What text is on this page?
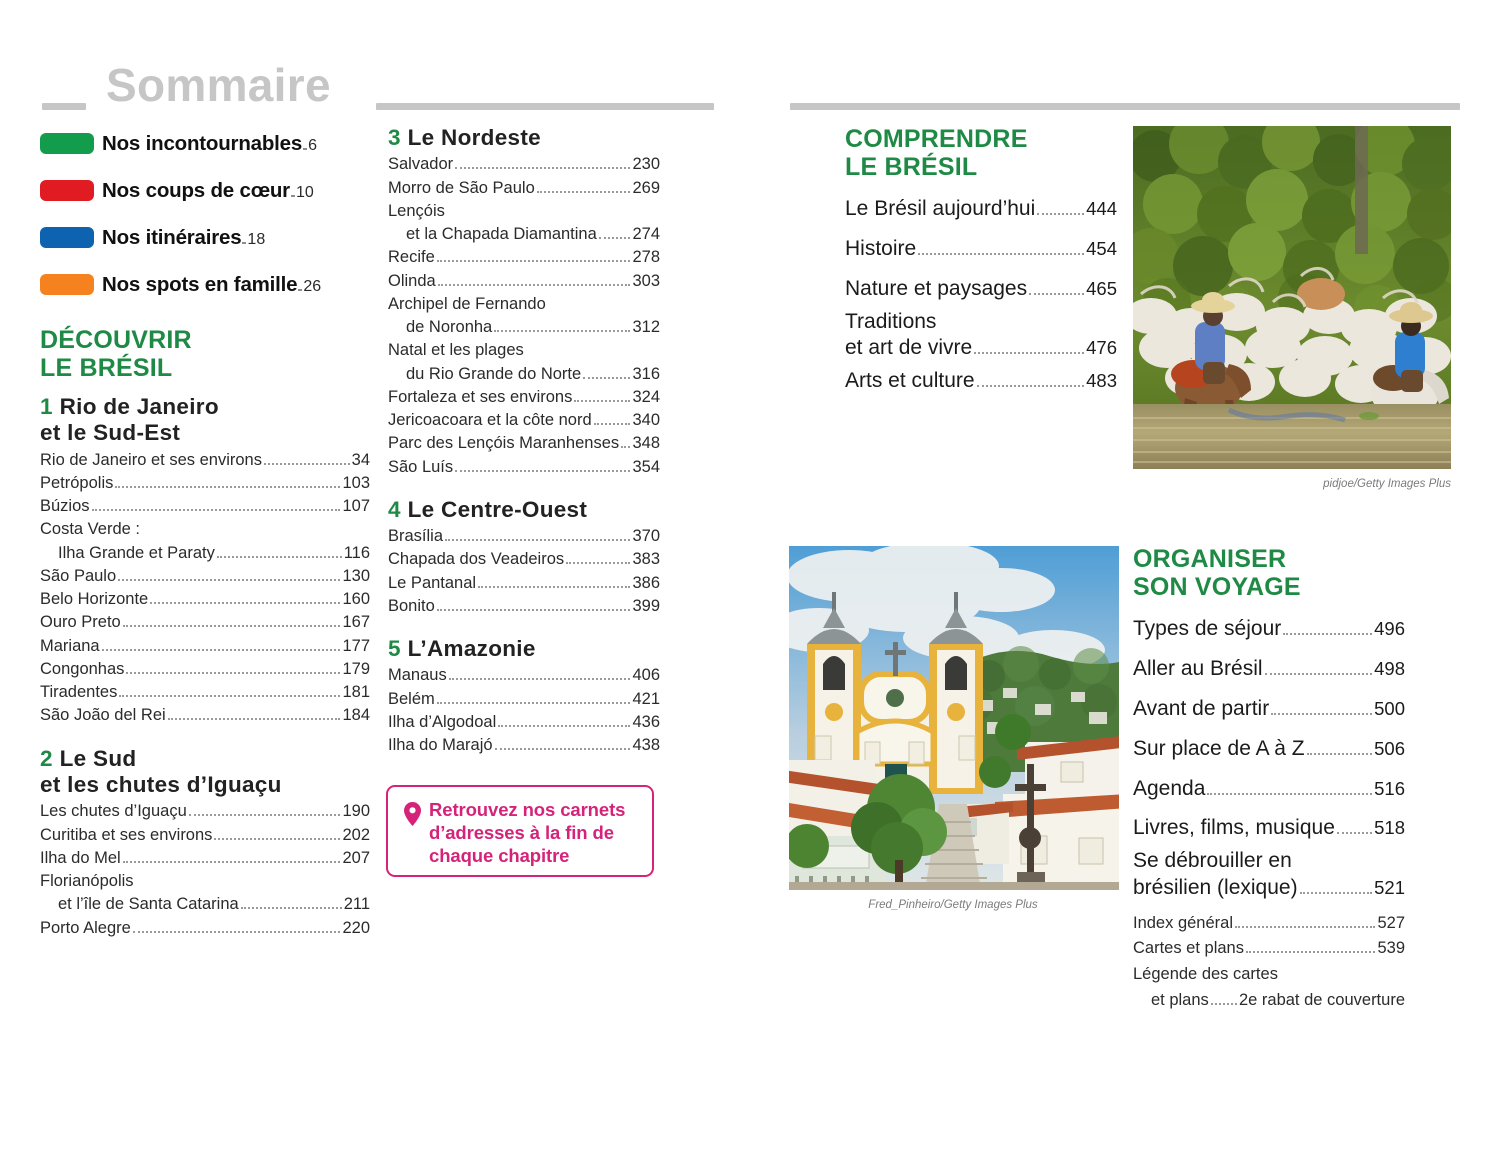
Sommaire
Nos incontournables 6
Nos coups de cœur 10
Nos itinéraires 18
Nos spots en famille 26
DÉCOUVRIR
LE BRÉSIL
1 Rio de Janeiro
et le Sud-Est
Rio de Janeiro et ses environs	34
Petrópolis	103
Búzios	107
Costa Verde :
Ilha Grande et Paraty	116
São Paulo	130
Belo Horizonte	160
Ouro Preto	167
Mariana	177
Congonhas	179
Tiradentes	181
São João del Rei	184
2 Le Sud
et les chutes d’Iguaçu
Les chutes d’Iguaçu	190
Curitiba et ses environs	202
Ilha do Mel	207
Florianópolis
et l’île de Santa Catarina	211
Porto Alegre	220
3 Le Nordeste
Salvador	230
Morro de São Paulo	269
Lençóis
et la Chapada Diamantina 274
Recife	278
Olinda	303
Archipel de Fernando
de Noronha	312
Natal et les plages
du Rio Grande do Norte	316
Fortaleza et ses environs	324
Jericoacoara et la côte nord 340
Parc des Lençóis Maranhenses 348
São Luís	354
4 Le Centre-Ouest
Brasília	370
Chapada dos Veadeiros	383
Le Pantanal	386
Bonito	399
5 L’Amazonie
Manaus	406
Belém	421
Ilha d’Algodoal	436
Ilha do Marajó	438
Retrouvez nos carnets
d’adresses à la fin de
chaque chapitre
COMPRENDRE
LE BRÉSIL
Le Brésil aujourd’hui	444
Histoire	454
Nature et paysages	465
Traditions
et art de vivre	476
Arts et culture	483
ORGANISER
SON VOYAGE
Types de séjour	496
Aller au Brésil	498
Avant de partir	500
Sur place de A à Z	506
Agenda	516
Livres, films, musique 518
Se débrouiller en
brésilien (lexique)	521
Index général	527
Cartes et plans	539
Légende des cartes
et plans 2e rabat de couverture
pidjoe/Getty Images Plus
Fred_Pinheiro/Getty Images Plus
